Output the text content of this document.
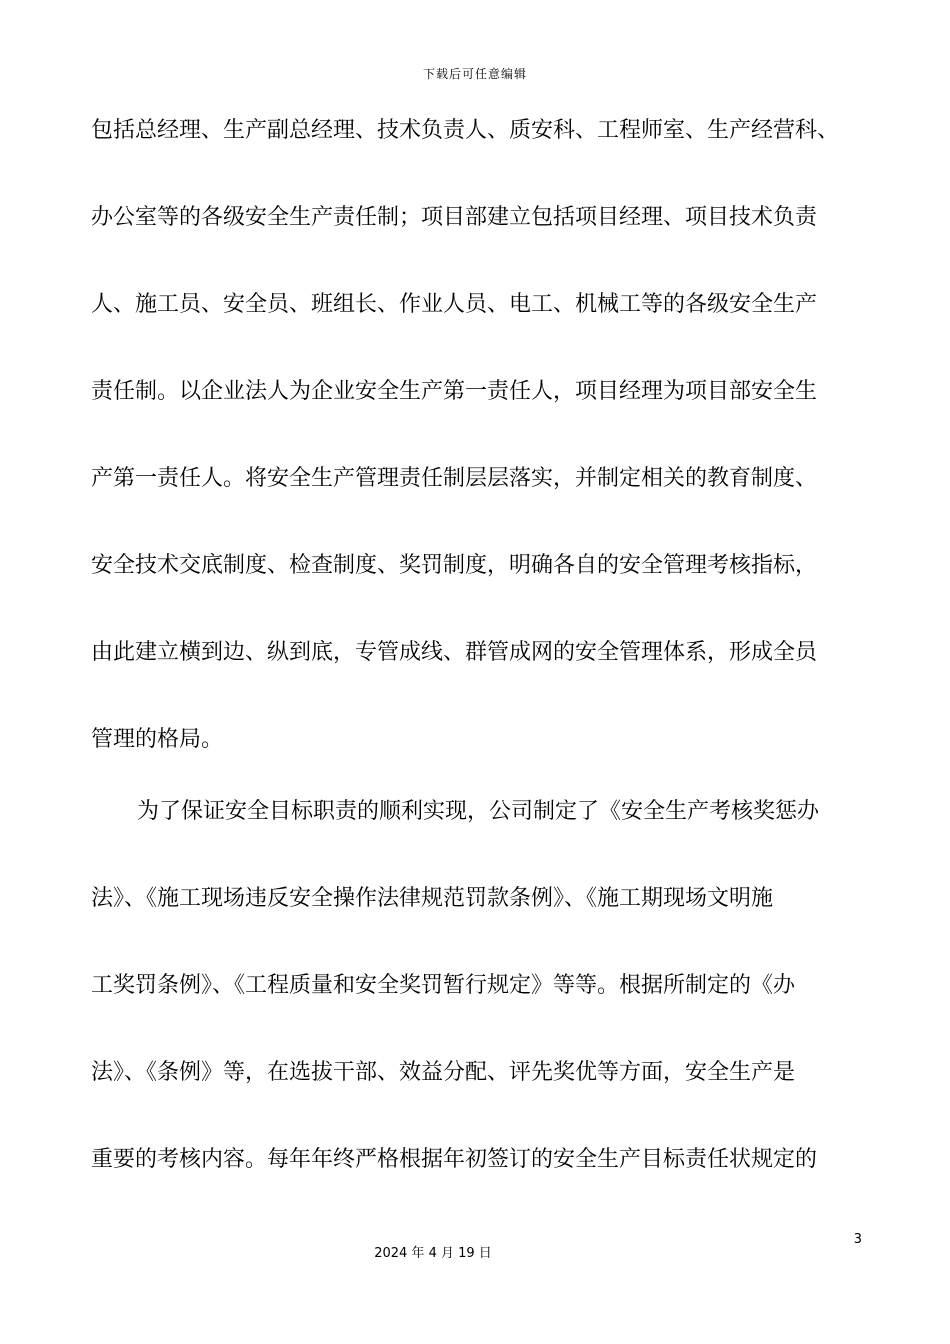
下载后可任意编辑
包括总经理、生产副总经理、技术负责人、质安科、工程师室、生产经营科、
办公室等的各级安全生产责任制；项目部建立包括项目经理、项目技术负责
人、施工员、安全员、班组长、作业人员、电工、机械工等的各级安全生产
责任制。以企业法人为企业安全生产第一责任人，项目经理为项目部安全生
产第一责任人。将安全生产管理责任制层层落实，并制定相关的教育制度、
安全技术交底制度、检查制度、奖罚制度，明确各自的安全管理考核指标，
由此建立横到边、纵到底，专管成线、群管成网的安全管理体系，形成全员
管理的格局。
为了保证安全目标职责的顺利实现，公司制定了《安全生产考核奖惩办
法》、《施工现场违反安全操作法律规范罚款条例》、《施工期现场文明施
工奖罚条例》、《工程质量和安全奖罚暂行规定》等等。根据所制定的《办
法》、《条例》等，在选拔干部、效益分配、评先奖优等方面，安全生产是
重要的考核内容。每年年终严格根据年初签订的安全生产目标责任状规定的
3
2024 年 4 月 19 日
